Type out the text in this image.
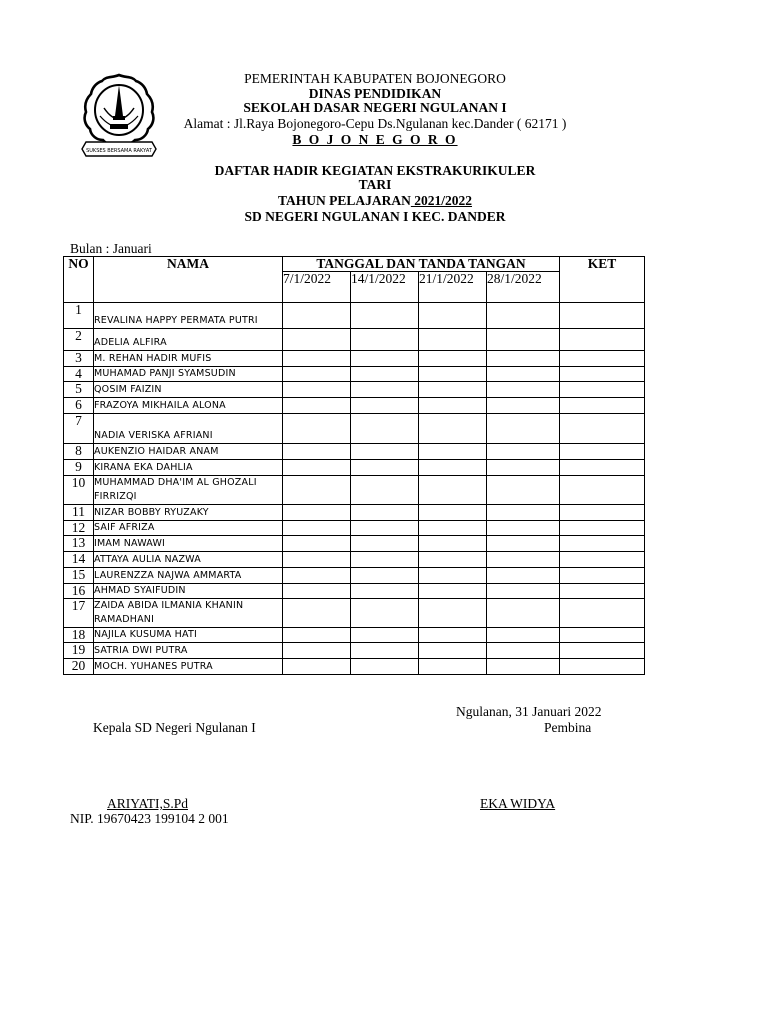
SUKSES BERSAMA RAKYAT
PEMERINTAH KABUPATEN BOJONEGORO
DINAS PENDIDIKAN
SEKOLAH DASAR NEGERI NGULANAN I
Alamat : Jl.Raya Bojonegoro-Cepu Ds.Ngulanan kec.Dander ( 62171 )
B O J O N E G O R O
DAFTAR HADIR KEGIATAN EKSTRAKURIKULER
TARI
TAHUN PELAJARAN 2021/2022
SD NEGERI NGULANAN I KEC. DANDER
Bulan : Januari
NO	NAMA	TANGGAL DAN TANDA TANGAN				KET
		7/1/2022	14/1/2022	21/1/2022	28/1/2022	
1	REVALINA HAPPY PERMATA PUTRI					
2	ADELIA ALFIRA					
3	M. REHAN HADIR MUFIS					
4	MUHAMAD PANJI SYAMSUDIN					
5	QOSIM FAIZIN					
6	FRAZOYA MIKHAILA ALONA					
7	NADIA VERISKA AFRIANI					
8	AUKENZIO HAIDAR ANAM					
9	KIRANA EKA DAHLIA					
10	MUHAMMAD DHA'IM AL GHOZALI FIRRIZQI					
11	NIZAR BOBBY RYUZAKY					
12	SAIF AFRIZA					
13	IMAM NAWAWI					
14	ATTAYA AULIA NAZWA					
15	LAURENZZA NAJWA AMMARTA					
16	AHMAD SYAIFUDIN					
17	ZAIDA ABIDA ILMANIA KHANIN RAMADHANI					
18	NAJILA KUSUMA HATI					
19	SATRIA DWI PUTRA					
20	MOCH. YUHANES PUTRA					
Ngulanan, 31 Januari 2022
Kepala SD Negeri Ngulanan I	Pembina
ARIYATI,S.Pd	EKA WIDYA
NIP. 19670423 199104 2 001
